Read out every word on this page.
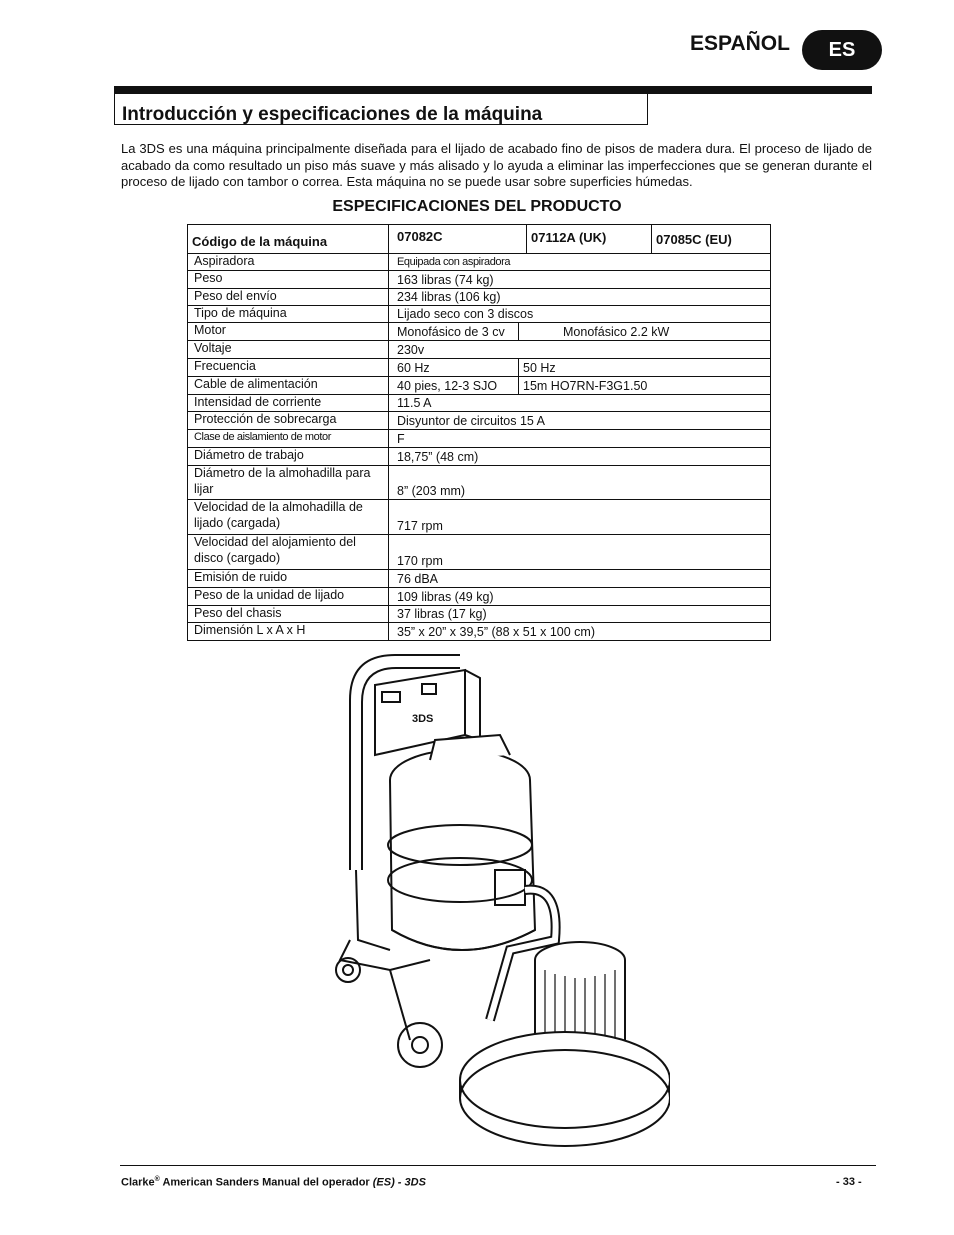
ESPAÑOL	ES
Introducción y especificaciones de la máquina
La 3DS es una máquina principalmente diseñada para el lijado de acabado fino de pisos de madera dura. El proceso de lijado de acabado da como resultado un piso más suave y más alisado y lo ayuda a eliminar las imperfecciones que se generan durante el proceso de lijado con tambor o correa. Esta máquina no se puede usar sobre superficies húmedas.
ESPECIFICACIONES DEL PRODUCTO
Código de la máquina	07082C	07112A (UK)	07085C (EU)
Aspiradora	Equipada con aspiradora
Peso	163 libras (74 kg)
Peso del envío	234 libras (106 kg)
Tipo de máquina	Lijado seco con 3 discos
Motor	Monofásico de 3 cv	Monofásico 2.2 kW
Voltaje	230v
Frecuencia	60 Hz	50 Hz
Cable de alimentación	40 pies, 12-3 SJO	15m HO7RN-F3G1.50
Intensidad de corriente	11.5 A
Protección de sobrecarga	Disyuntor de circuitos 15 A
Clase de aislamiento de motor	F
Diámetro de trabajo	18,75” (48 cm)
Diámetro de la almohadilla para lijar	8” (203 mm)
Velocidad de la almohadilla de lijado (cargada)	717 rpm
Velocidad del alojamiento del disco (cargado)	170 rpm
Emisión de ruido	76 dBA
Peso de la unidad de lijado	109 libras (49 kg)
Peso del chasis	37 libras (17 kg)
Dimensión L x A x H	35” x 20” x 39,5” (88 x 51 x 100 cm)
3DS
Clarke® American Sanders Manual del operador (ES) - 3DS	- 33 -
